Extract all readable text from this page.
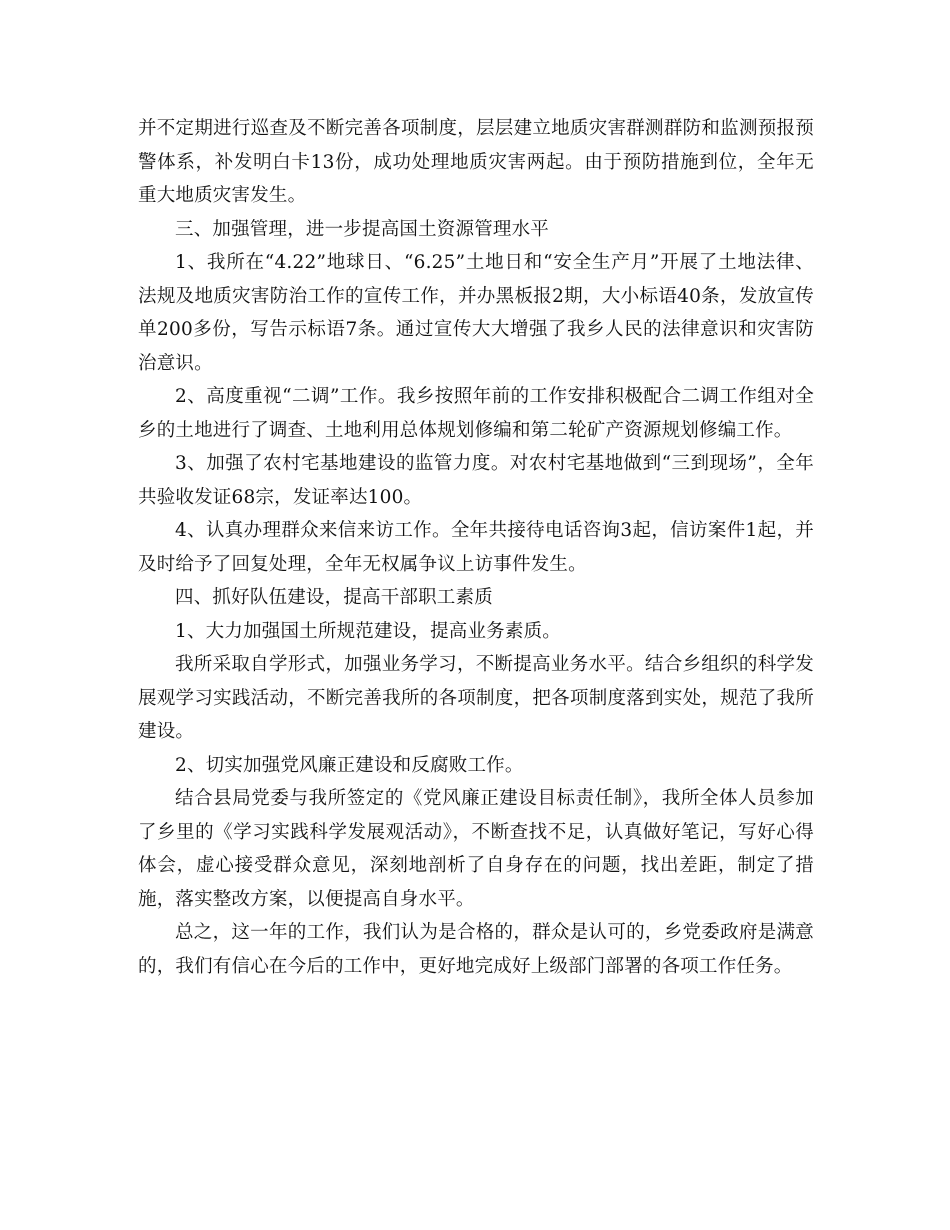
并不定期进行巡查及不断完善各项制度，层层建立地质灾害群测群防和监测预报预警体系，补发明白卡13份，成功处理地质灾害两起。由于预防措施到位，全年无重大地质灾害发生。

三、加强管理，进一步提高国土资源管理水平

1、我所在“4.22”地球日、“6.25”土地日和“安全生产月”开展了土地法律、法规及地质灾害防治工作的宣传工作，并办黑板报2期，大小标语40条，发放宣传单200多份，写告示标语7条。通过宣传大大增强了我乡人民的法律意识和灾害防治意识。

2、高度重视“二调”工作。我乡按照年前的工作安排积极配合二调工作组对全乡的土地进行了调查、土地利用总体规划修编和第二轮矿产资源规划修编工作。

3、加强了农村宅基地建设的监管力度。对农村宅基地做到“三到现场”，全年共验收发证68宗，发证率达100。

4、认真办理群众来信来访工作。全年共接待电话咨询3起，信访案件1起，并及时给予了回复处理，全年无权属争议上访事件发生。

四、抓好队伍建设，提高干部职工素质

1、大力加强国土所规范建设，提高业务素质。

我所采取自学形式，加强业务学习，不断提高业务水平。结合乡组织的科学发展观学习实践活动，不断完善我所的各项制度，把各项制度落到实处，规范了我所建设。

2、切实加强党风廉正建设和反腐败工作。

结合县局党委与我所签定的《党风廉正建设目标责任制》，我所全体人员参加了乡里的《学习实践科学发展观活动》，不断查找不足，认真做好笔记，写好心得体会，虚心接受群众意见，深刻地剖析了自身存在的问题，找出差距，制定了措施，落实整改方案，以便提高自身水平。

总之，这一年的工作，我们认为是合格的，群众是认可的，乡党委政府是满意的，我们有信心在今后的工作中，更好地完成好上级部门部署的各项工作任务。
